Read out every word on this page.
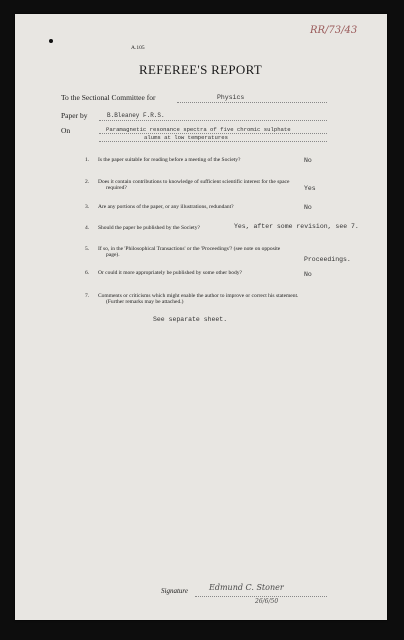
RR/73/43
A.105
REFEREE'S REPORT
To the Sectional Committee for	Physics
Paper by	B.Bleaney F.R.S.
On	Paramagnetic resonance spectra of five chromic sulphate
alums at low temperatures
1. Is the paper suitable for reading before a meeting of the Society?	No
2. Does it contain contributions to knowledge of sufficient scientific interest for the space
required?	Yes
3. Are any portions of the paper, or any illustrations, redundant?	No
4. Should the paper be published by the Society?	Yes, after some revision, see 7.
5. If so, in the 'Philosophical Transactions' or the 'Proceedings'? (see note on opposite
page).
Proceedings.
6. Or could it more appropriately be published by some other body?	No
7. Comments or criticisms which might enable the author to improve or correct his statement.
(Further remarks may be attached.)
See separate sheet.
Signature	Edmund C. Stoner
26/6/50
